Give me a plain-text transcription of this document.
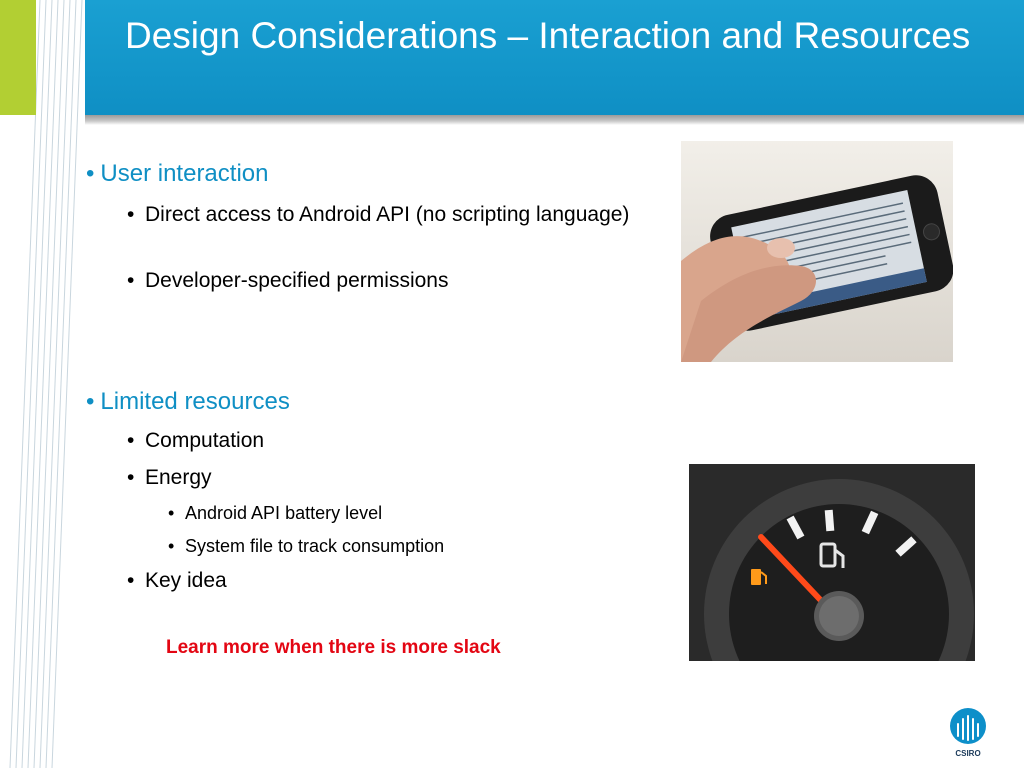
Design Considerations – Interaction and Resources
• User interaction
• Direct access to Android API (no scripting language)
• Developer-specified permissions
• Limited resources
• Computation
• Energy
• Android API battery level
• System file to track consumption
• Key idea
Learn more when there is more slack
CSIRO
